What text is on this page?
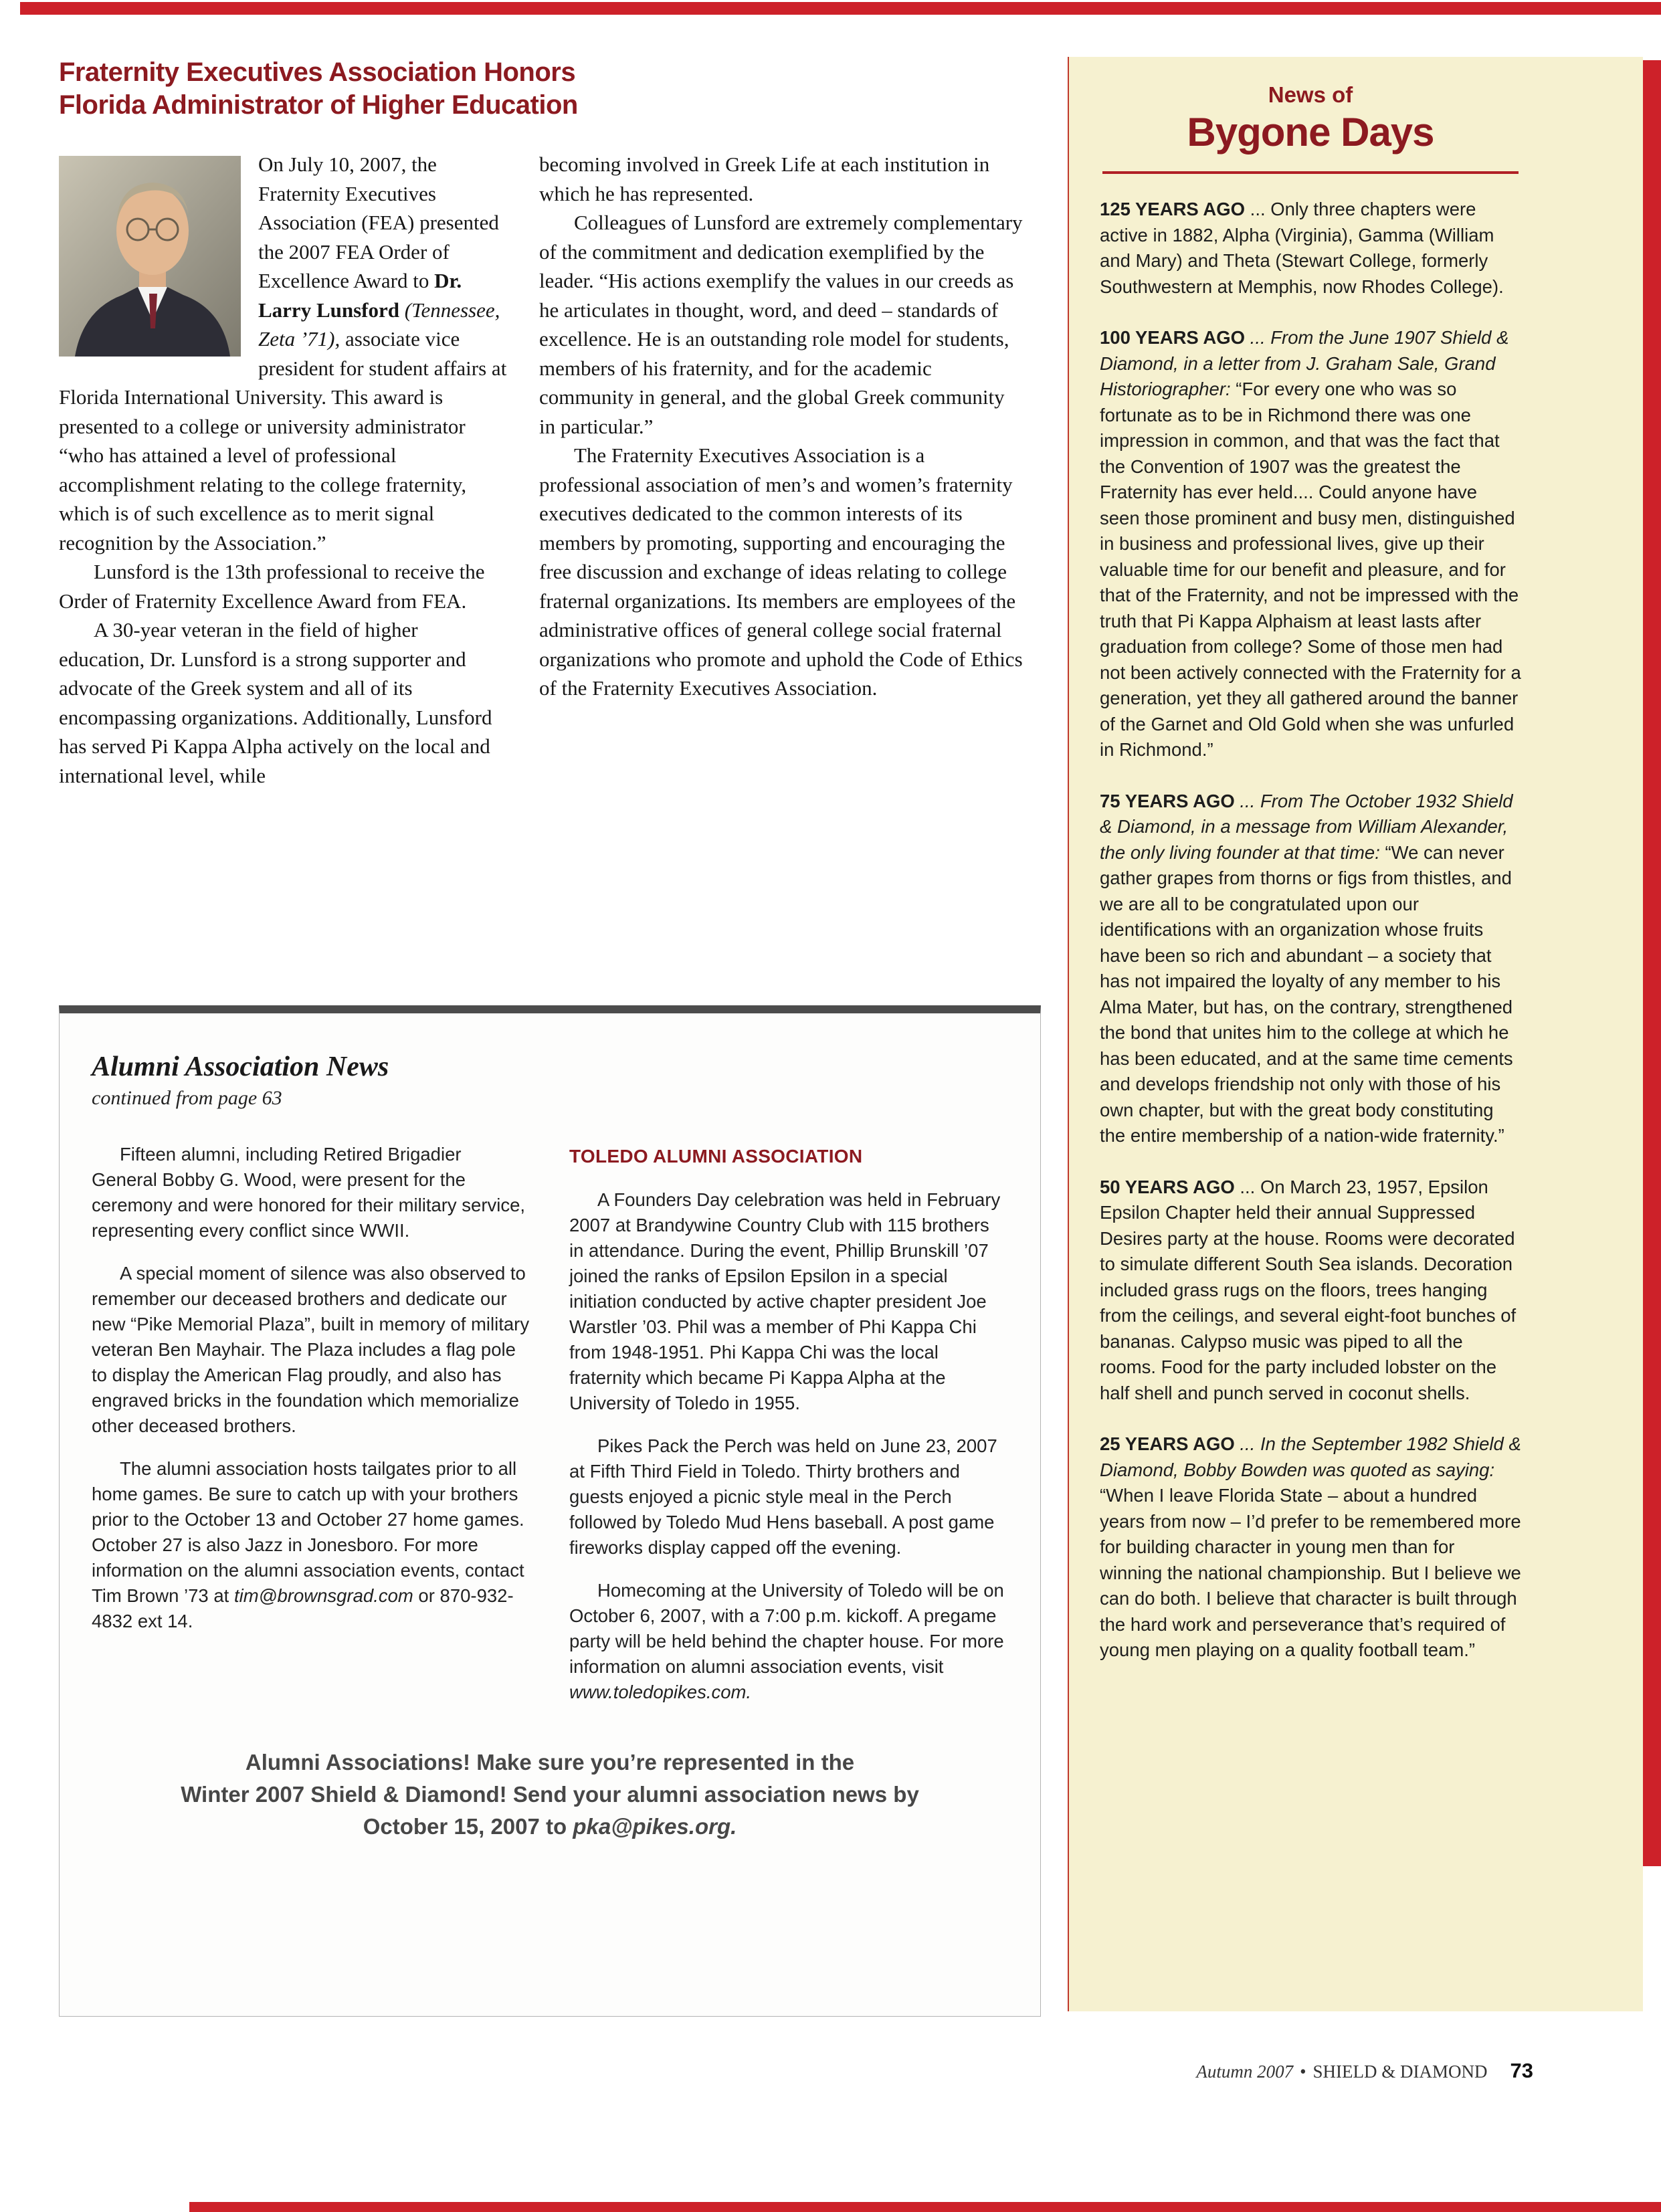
Fraternity Executives Association Honors
Florida Administrator of Higher Education

On July 10, 2007, the Fraternity Executives Association (FEA) presented the 2007 FEA Order of Excellence Award to Dr. Larry Lunsford (Tennessee, Zeta ’71), associate vice president for student affairs at Florida International University. This award is presented to a college or university administrator “who has attained a level of professional accomplishment relating to the college fraternity, which is of such excellence as to merit signal recognition by the Association.”

Lunsford is the 13th professional to receive the Order of Fraternity Excellence Award from FEA.

A 30-year veteran in the field of higher education, Dr. Lunsford is a strong supporter and advocate of the Greek system and all of its encompassing organizations. Additionally, Lunsford has served Pi Kappa Alpha actively on the local and international level, while

becoming involved in Greek Life at each institution in which he has represented.

Colleagues of Lunsford are extremely complementary of the commitment and dedication exemplified by the leader. “His actions exemplify the values in our creeds as he articulates in thought, word, and deed – standards of excellence. He is an outstanding role model for students, members of his fraternity, and for the academic community in general, and the global Greek community in particular.”

The Fraternity Executives Association is a professional association of men’s and women’s fraternity executives dedicated to the common interests of its members by promoting, supporting and encouraging the free discussion and exchange of ideas relating to college fraternal organizations. Its members are employees of the administrative offices of general college social fraternal organizations who promote and uphold the Code of Ethics of the Fraternity Executives Association.

News of
Bygone Days

125 YEARS AGO ... Only three chapters were active in 1882, Alpha (Virginia), Gamma (William and Mary) and Theta (Stewart College, formerly Southwestern at Memphis, now Rhodes College).

100 YEARS AGO ... From the June 1907 Shield & Diamond, in a letter from J. Graham Sale, Grand Historiographer: “For every one who was so fortunate as to be in Richmond there was one impression in common, and that was the fact that the Convention of 1907 was the greatest the Fraternity has ever held.... Could anyone have seen those prominent and busy men, distinguished in business and professional lives, give up their valuable time for our benefit and pleasure, and for that of the Fraternity, and not be impressed with the truth that Pi Kappa Alphaism at least lasts after graduation from college? Some of those men had not been actively connected with the Fraternity for a generation, yet they all gathered around the banner of the Garnet and Old Gold when she was unfurled in Richmond.”

75 YEARS AGO ... From The October 1932 Shield & Diamond, in a message from William Alexander, the only living founder at that time: “We can never gather grapes from thorns or figs from thistles, and we are all to be congratulated upon our identifications with an organization whose fruits have been so rich and abundant – a society that has not impaired the loyalty of any member to his Alma Mater, but has, on the contrary, strengthened the bond that unites him to the college at which he has been educated, and at the same time cements and develops friendship not only with those of his own chapter, but with the great body constituting the entire membership of a nation-wide fraternity.”

50 YEARS AGO ... On March 23, 1957, Epsilon Epsilon Chapter held their annual Suppressed Desires party at the house. Rooms were decorated to simulate different South Sea islands. Decoration included grass rugs on the floors, trees hanging from the ceilings, and several eight-foot bunches of bananas. Calypso music was piped to all the rooms. Food for the party included lobster on the half shell and punch served in coconut shells.

25 YEARS AGO ... In the September 1982 Shield & Diamond, Bobby Bowden was quoted as saying: “When I leave Florida State – about a hundred years from now – I’d prefer to be remembered more for building character in young men than for winning the national championship. But I believe we can do both. I believe that character is built through the hard work and perseverance that’s required of young men playing on a quality football team.”

Alumni Association News
continued from page 63

Fifteen alumni, including Retired Brigadier General Bobby G. Wood, were present for the ceremony and were honored for their military service, representing every conflict since WWII.

A special moment of silence was also observed to remember our deceased brothers and dedicate our new “Pike Memorial Plaza”, built in memory of military veteran Ben Mayhair. The Plaza includes a flag pole to display the American Flag proudly, and also has engraved bricks in the foundation which memorialize other deceased brothers.

The alumni association hosts tailgates prior to all home games. Be sure to catch up with your brothers prior to the October 13 and October 27 home games. October 27 is also Jazz in Jonesboro. For more information on the alumni association events, contact Tim Brown ’73 at tim@brownsgrad.com or 870-932-4832 ext 14.

TOLEDO ALUMNI ASSOCIATION

A Founders Day celebration was held in February 2007 at Brandywine Country Club with 115 brothers in attendance. During the event, Phillip Brunskill ’07 joined the ranks of Epsilon Epsilon in a special initiation conducted by active chapter president Joe Warstler ’03. Phil was a member of Phi Kappa Chi from 1948-1951. Phi Kappa Chi was the local fraternity which became Pi Kappa Alpha at the University of Toledo in 1955.

Pikes Pack the Perch was held on June 23, 2007 at Fifth Third Field in Toledo. Thirty brothers and guests enjoyed a picnic style meal in the Perch followed by Toledo Mud Hens baseball. A post game fireworks display capped off the evening.

Homecoming at the University of Toledo will be on October 6, 2007, with a 7:00 p.m. kickoff. A pregame party will be held behind the chapter house. For more information on alumni association events, visit www.toledopikes.com.

Alumni Associations! Make sure you’re represented in the
Winter 2007 Shield & Diamond! Send your alumni association news by
October 15, 2007 to pka@pikes.org.
Autumn 2007 • SHIELD & DIAMOND 73
